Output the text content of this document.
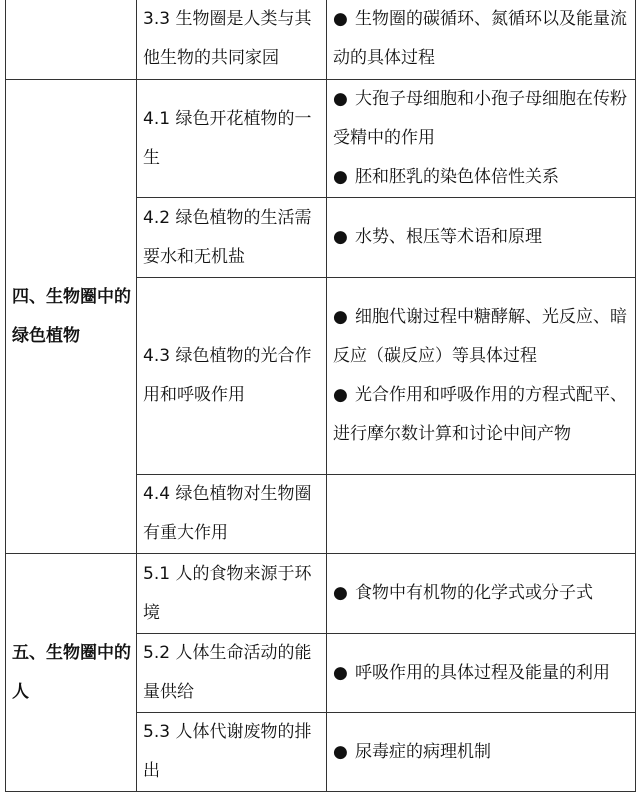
	3.3 生物圈是人类与其他生物的共同家园	● 生物圈的碳循环、氮循环以及能量流动的具体过程

四、生物圈中的绿色植物	4.1 绿色开花植物的一生	● 大孢子母细胞和小孢子母细胞在传粉受精中的作用
● 胚和胚乳的染色体倍性关系

	4.2 绿色植物的生活需要水和无机盐	● 水势、根压等术语和原理

	4.3 绿色植物的光合作用和呼吸作用	● 细胞代谢过程中糖酵解、光反应、暗反应（碳反应）等具体过程
● 光合作用和呼吸作用的方程式配平、进行摩尔数计算和讨论中间产物

	4.4 绿色植物对生物圈有重大作用	
五、生物圈中的人	5.1 人的食物来源于环境	● 食物中有机物的化学式或分子式

	5.2 人体生命活动的能量供给	● 呼吸作用的具体过程及能量的利用

	5.3 人体代谢废物的排出	● 尿毒症的病理机制
